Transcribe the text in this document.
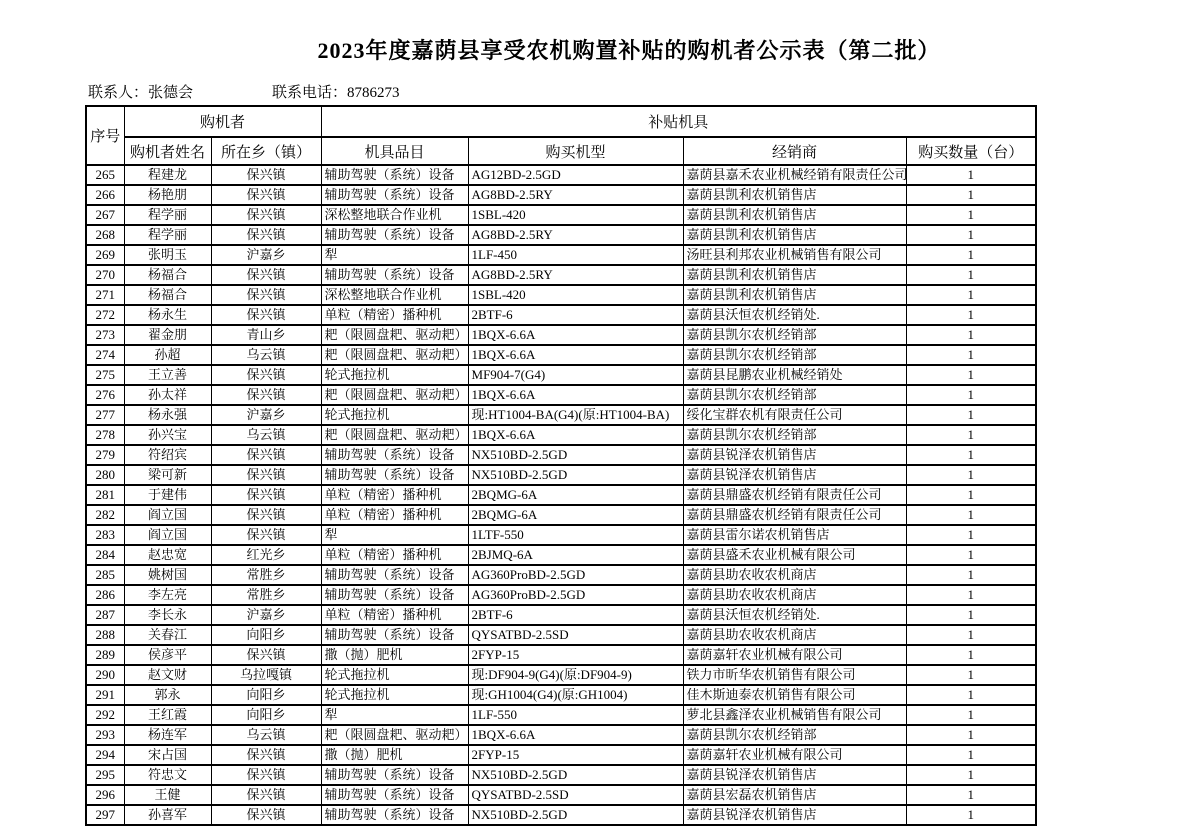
2023年度嘉荫县享受农机购置补贴的购机者公示表（第二批）
联系人：张德会	联系电话：8786273
序号	购机者		补贴机具			
	购机者姓名	所在乡（镇）	机具品目	购买机型	经销商	购买数量（台）
265	程建龙	保兴镇	辅助驾驶（系统）设备	AG12BD-2.5GD	嘉荫县嘉禾农业机械经销有限责任公司	1
266	杨艳朋	保兴镇	辅助驾驶（系统）设备	AG8BD-2.5RY	嘉荫县凯利农机销售店	1
267	程学丽	保兴镇	深松整地联合作业机	1SBL-420	嘉荫县凯利农机销售店	1
268	程学丽	保兴镇	辅助驾驶（系统）设备	AG8BD-2.5RY	嘉荫县凯利农机销售店	1
269	张明玉	沪嘉乡	犁	1LF-450	汤旺县利邦农业机械销售有限公司	1
270	杨福合	保兴镇	辅助驾驶（系统）设备	AG8BD-2.5RY	嘉荫县凯利农机销售店	1
271	杨福合	保兴镇	深松整地联合作业机	1SBL-420	嘉荫县凯利农机销售店	1
272	杨永生	保兴镇	单粒（精密）播种机	2BTF-6	嘉荫县沃恒农机经销处.	1
273	翟金朋	青山乡	耙（限圆盘耙、驱动耙）	1BQX-6.6A	嘉荫县凯尔农机经销部	1
274	孙超	乌云镇	耙（限圆盘耙、驱动耙）	1BQX-6.6A	嘉荫县凯尔农机经销部	1
275	王立善	保兴镇	轮式拖拉机	MF904-7(G4)	嘉荫县昆鹏农业机械经销处	1
276	孙太祥	保兴镇	耙（限圆盘耙、驱动耙）	1BQX-6.6A	嘉荫县凯尔农机经销部	1
277	杨永强	沪嘉乡	轮式拖拉机	现:HT1004-BA(G4)(原:HT1004-BA)	绥化宝群农机有限责任公司	1
278	孙兴宝	乌云镇	耙（限圆盘耙、驱动耙）	1BQX-6.6A	嘉荫县凯尔农机经销部	1
279	符绍宾	保兴镇	辅助驾驶（系统）设备	NX510BD-2.5GD	嘉荫县锐泽农机销售店	1
280	梁可新	保兴镇	辅助驾驶（系统）设备	NX510BD-2.5GD	嘉荫县锐泽农机销售店	1
281	于建伟	保兴镇	单粒（精密）播种机	2BQMG-6A	嘉荫县鼎盛农机经销有限责任公司	1
282	阎立国	保兴镇	单粒（精密）播种机	2BQMG-6A	嘉荫县鼎盛农机经销有限责任公司	1
283	阎立国	保兴镇	犁	1LTF-550	嘉荫县雷尔诺农机销售店	1
284	赵忠宽	红光乡	单粒（精密）播种机	2BJMQ-6A	嘉荫县盛禾农业机械有限公司	1
285	姚树国	常胜乡	辅助驾驶（系统）设备	AG360ProBD-2.5GD	嘉荫县助农收农机商店	1
286	李左亮	常胜乡	辅助驾驶（系统）设备	AG360ProBD-2.5GD	嘉荫县助农收农机商店	1
287	李长永	沪嘉乡	单粒（精密）播种机	2BTF-6	嘉荫县沃恒农机经销处.	1
288	关春江	向阳乡	辅助驾驶（系统）设备	QYSATBD-2.5SD	嘉荫县助农收农机商店	1
289	侯彦平	保兴镇	撒（抛）肥机	2FYP-15	嘉荫嘉轩农业机械有限公司	1
290	赵文财	乌拉嘎镇	轮式拖拉机	现:DF904-9(G4)(原:DF904-9)	铁力市昕华农机销售有限公司	1
291	郭永	向阳乡	轮式拖拉机	现:GH1004(G4)(原:GH1004)	佳木斯迪泰农机销售有限公司	1
292	王红霞	向阳乡	犁	1LF-550	萝北县鑫泽农业机械销售有限公司	1
293	杨连军	乌云镇	耙（限圆盘耙、驱动耙）	1BQX-6.6A	嘉荫县凯尔农机经销部	1
294	宋占国	保兴镇	撒（抛）肥机	2FYP-15	嘉荫嘉轩农业机械有限公司	1
295	符忠文	保兴镇	辅助驾驶（系统）设备	NX510BD-2.5GD	嘉荫县锐泽农机销售店	1
296	王健	保兴镇	辅助驾驶（系统）设备	QYSATBD-2.5SD	嘉荫县宏磊农机销售店	1
297	孙喜军	保兴镇	辅助驾驶（系统）设备	NX510BD-2.5GD	嘉荫县锐泽农机销售店	1
